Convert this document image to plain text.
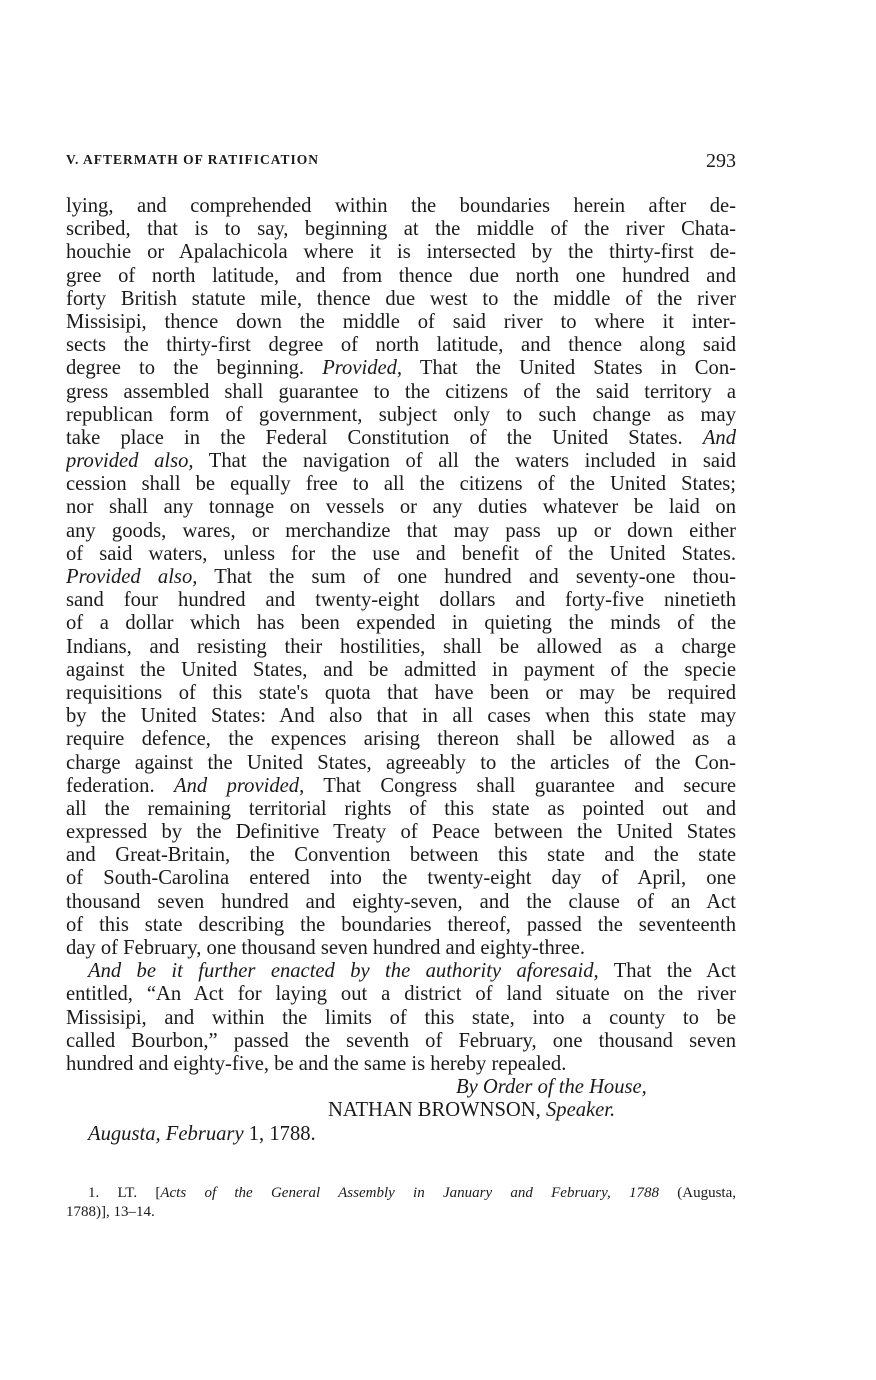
V. AFTERMATH OF RATIFICATION	293
lying, and comprehended within the boundaries herein after de-
scribed, that is to say, beginning at the middle of the river Chata-
houchie or Apalachicola where it is intersected by the thirty-first de-
gree of north latitude, and from thence due north one hundred and
forty British statute mile, thence due west to the middle of the river
Missisipi, thence down the middle of said river to where it inter-
sects the thirty-first degree of north latitude, and thence along said
degree to the beginning. Provided, That the United States in Con-
gress assembled shall guarantee to the citizens of the said territory a
republican form of government, subject only to such change as may
take place in the Federal Constitution of the United States. And
provided also, That the navigation of all the waters included in said
cession shall be equally free to all the citizens of the United States;
nor shall any tonnage on vessels or any duties whatever be laid on
any goods, wares, or merchandize that may pass up or down either
of said waters, unless for the use and benefit of the United States.
Provided also, That the sum of one hundred and seventy-one thou-
sand four hundred and twenty-eight dollars and forty-five ninetieth
of a dollar which has been expended in quieting the minds of the
Indians, and resisting their hostilities, shall be allowed as a charge
against the United States, and be admitted in payment of the specie
requisitions of this state's quota that have been or may be required
by the United States: And also that in all cases when this state may
require defence, the expences arising thereon shall be allowed as a
charge against the United States, agreeably to the articles of the Con-
federation. And provided, That Congress shall guarantee and secure
all the remaining territorial rights of this state as pointed out and
expressed by the Definitive Treaty of Peace between the United States
and Great-Britain, the Convention between this state and the state
of South-Carolina entered into the twenty-eight day of April, one
thousand seven hundred and eighty-seven, and the clause of an Act
of this state describing the boundaries thereof, passed the seventeenth
day of February, one thousand seven hundred and eighty-three.
And be it further enacted by the authority aforesaid, That the Act
entitled, “An Act for laying out a district of land situate on the river
Missisipi, and within the limits of this state, into a county to be
called Bourbon,” passed the seventh of February, one thousand seven
hundred and eighty-five, be and the same is hereby repealed.
By Order of the House,
NATHAN BROWNSON, Speaker.
Augusta, February 1, 1788.
1. LT. [Acts of the General Assembly in January and February, 1788 (Augusta,
1788)], 13–14.
